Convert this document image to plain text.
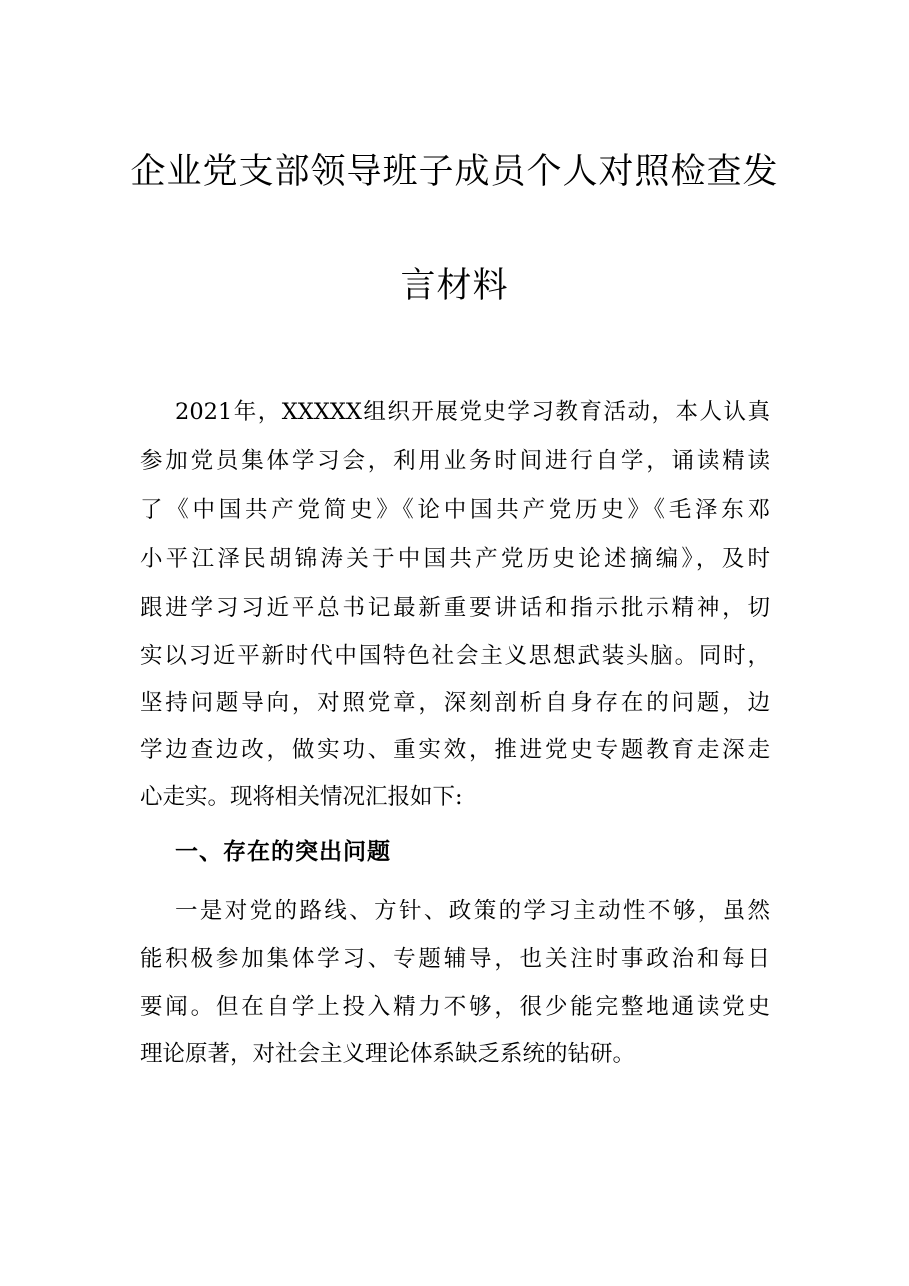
企业党支部领导班子成员个人对照检查发
言材料
2021年，XXXXX组织开展党史学习教育活动，本人认真
参加党员集体学习会，利用业务时间进行自学，诵读精读
了《中国共产党简史》《论中国共产党历史》《毛泽东邓
小平江泽民胡锦涛关于中国共产党历史论述摘编》，及时
跟进学习习近平总书记最新重要讲话和指示批示精神，切
实以习近平新时代中国特色社会主义思想武装头脑。同时，
坚持问题导向，对照党章，深刻剖析自身存在的问题，边
学边查边改，做实功、重实效，推进党史专题教育走深走
心走实。现将相关情况汇报如下:
一、存在的突出问题
一是对党的路线、方针、政策的学习主动性不够，虽然
能积极参加集体学习、专题辅导，也关注时事政治和每日
要闻。但在自学上投入精力不够，很少能完整地通读党史
理论原著，对社会主义理论体系缺乏系统的钻研。
